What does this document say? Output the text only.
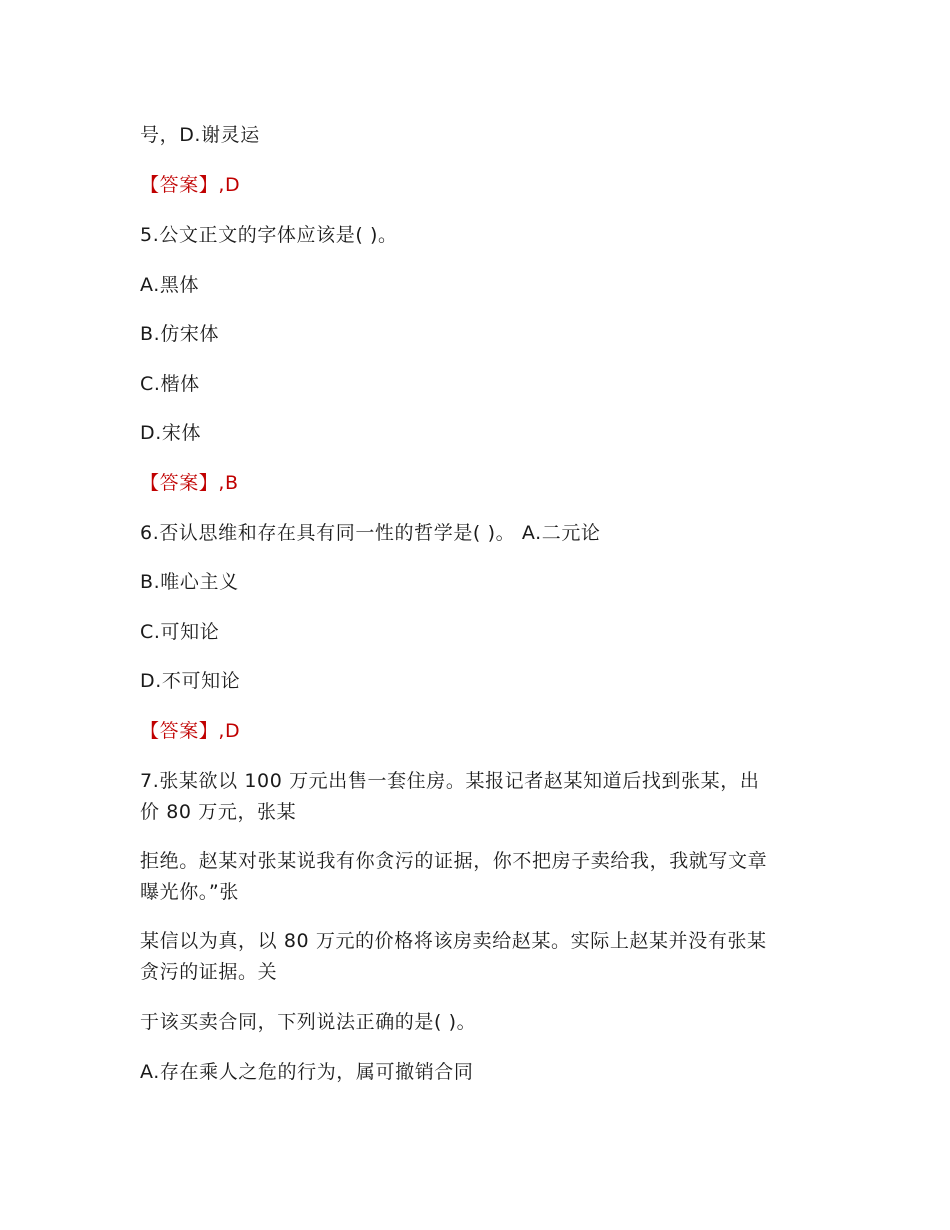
号，D.谢灵运
【答案】,D
5.公文正文的字体应该是( )。
A.黑体
B.仿宋体
C.楷体
D.宋体
【答案】,B
6.否认思维和存在具有同一性的哲学是( )。 A.二元论
B.唯心主义
C.可知论
D.不可知论
【答案】,D
7.张某欲以 100 万元出售一套住房。某报记者赵某知道后找到张某，出
价 80 万元，张某
拒绝。赵某对张某说我有你贪污的证据，你不把房子卖给我，我就写文章
曝光你。”张
某信以为真，以 80 万元的价格将该房卖给赵某。实际上赵某并没有张某
贪污的证据。关
于该买卖合同，下列说法正确的是( )。
A.存在乘人之危的行为，属可撤销合同
